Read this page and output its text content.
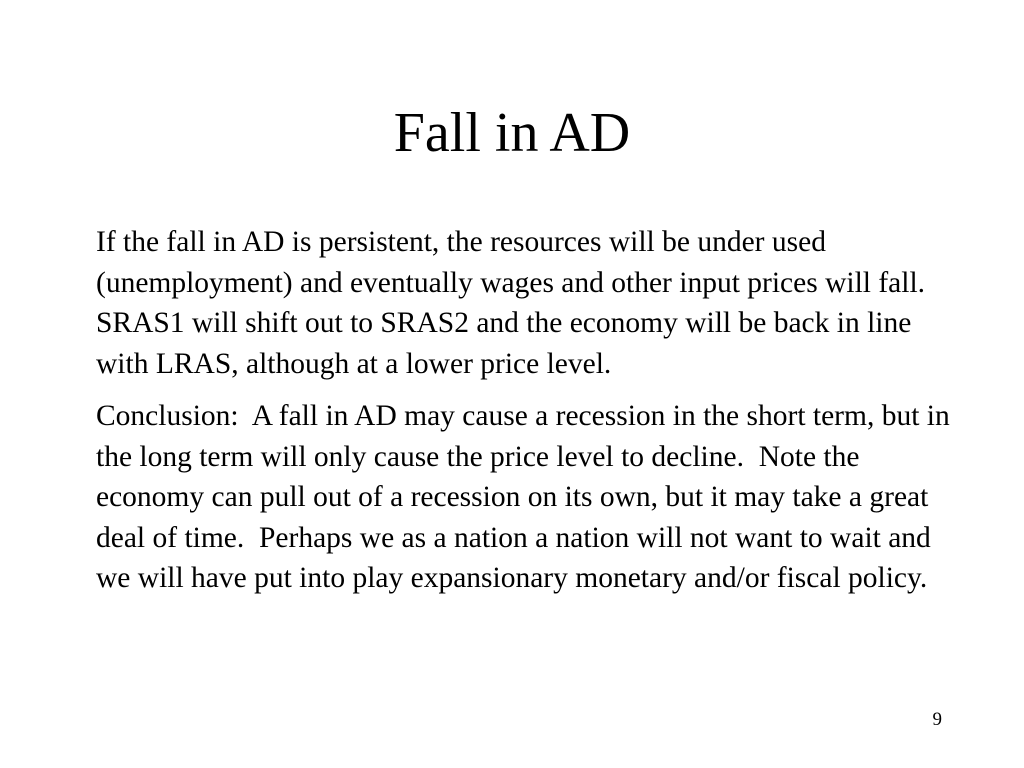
Fall in AD

If the fall in AD is persistent, the resources will be under used (unemployment) and eventually wages and other input prices will fall.  SRAS1 will shift out to SRAS2 and the economy will be back in line with LRAS, although at a lower price level.

Conclusion:  A fall in AD may cause a recession in the short term, but in the long term will only cause the price level to decline.  Note the economy can pull out of a recession on its own, but it may take a great deal of time.  Perhaps we as a nation a nation will not want to wait and we will have put into play expansionary monetary and/or fiscal policy.

9
